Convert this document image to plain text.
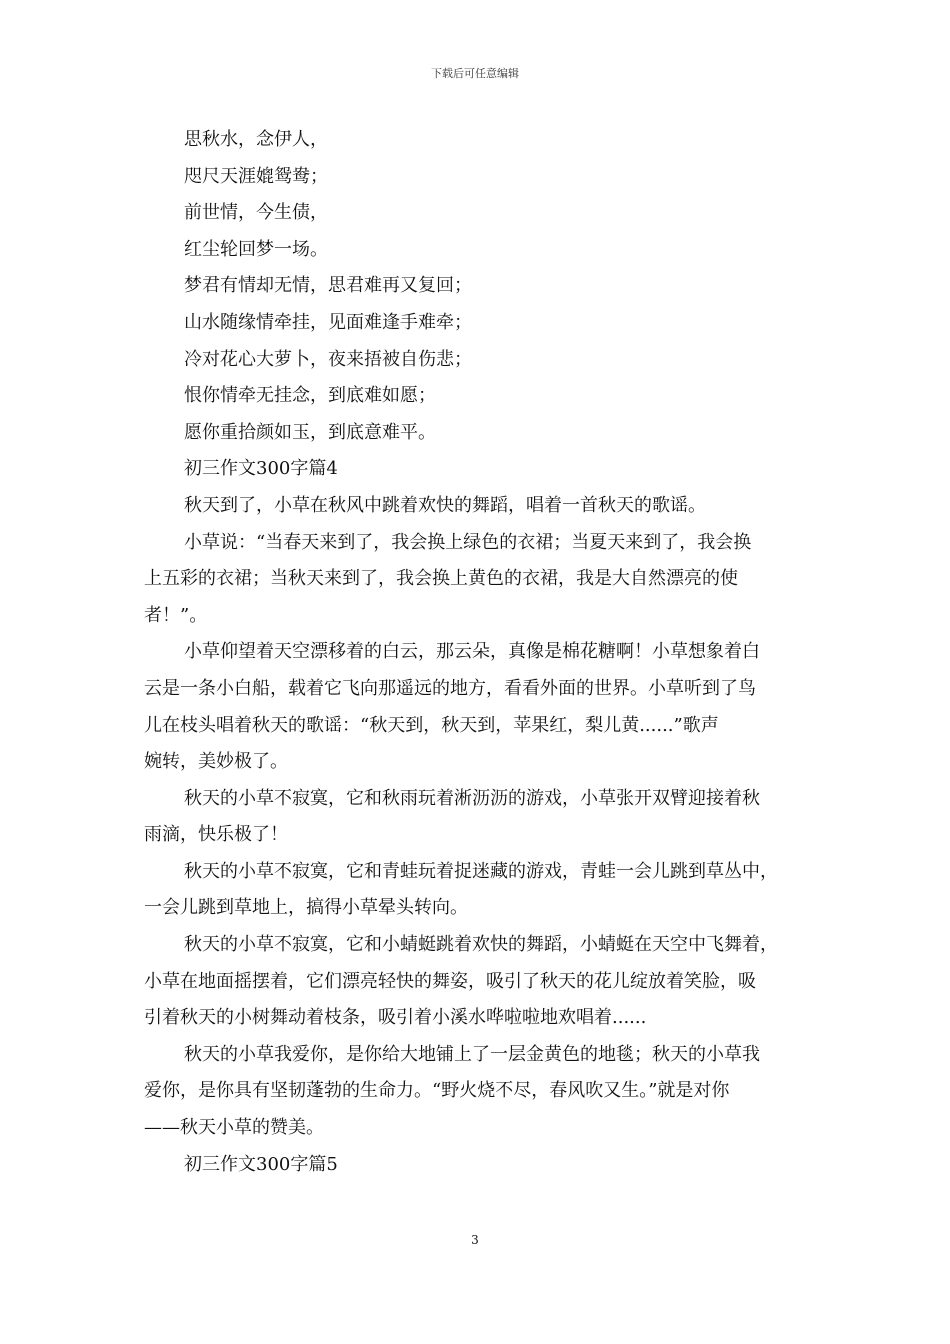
下载后可任意编辑

思秋水，念伊人，

咫尺天涯媲鸳鸯；

前世情，今生债，

红尘轮回梦一场。

梦君有情却无情，思君难再又复回；

山水随缘情牵挂，见面难逢手难牵；

冷对花心大萝卜，夜来捂被自伤悲；

恨你情牵无挂念，到底难如愿；

愿你重拾颜如玉，到底意难平。

初三作文300字篇4

秋天到了，小草在秋风中跳着欢快的舞蹈，唱着一首秋天的歌谣。

小草说：“当春天来到了，我会换上绿色的衣裙；当夏天来到了，我会换

上五彩的衣裙；当秋天来到了，我会换上黄色的衣裙，我是大自然漂亮的使

者！”。

小草仰望着天空漂移着的白云，那云朵，真像是棉花糖啊！小草想象着白

云是一条小白船，载着它飞向那遥远的地方，看看外面的世界。小草听到了鸟

儿在枝头唱着秋天的歌谣：“秋天到，秋天到，苹果红，梨儿黄......”歌声

婉转，美妙极了。

秋天的小草不寂寞，它和秋雨玩着淅沥沥的游戏，小草张开双臂迎接着秋

雨滴，快乐极了！

秋天的小草不寂寞，它和青蛙玩着捉迷藏的游戏，青蛙一会儿跳到草丛中，

一会儿跳到草地上，搞得小草晕头转向。

秋天的小草不寂寞，它和小蜻蜓跳着欢快的舞蹈，小蜻蜓在天空中飞舞着，

小草在地面摇摆着，它们漂亮轻快的舞姿，吸引了秋天的花儿绽放着笑脸，吸

引着秋天的小树舞动着枝条，吸引着小溪水哗啦啦地欢唱着......

秋天的小草我爱你，是你给大地铺上了一层金黄色的地毯；秋天的小草我

爱你，是你具有坚韧蓬勃的生命力。“野火烧不尽，春风吹又生。”就是对你

——秋天小草的赞美。

初三作文300字篇5

3
